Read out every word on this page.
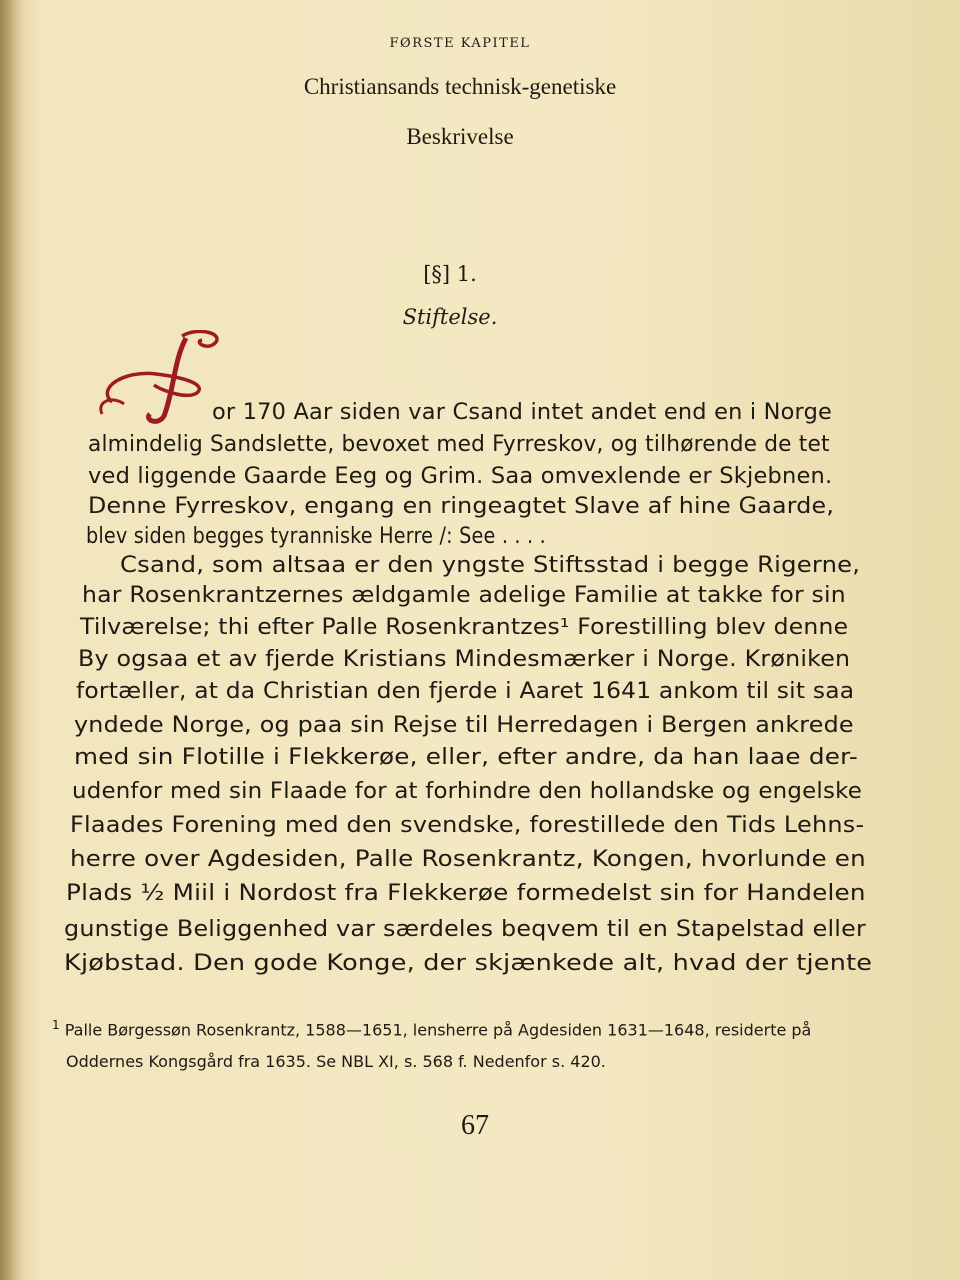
FØRSTE KAPITEL
Christiansands technisk-genetiske
Beskrivelse
[§] 1.
Stiftelse.
or 170 Aar siden var Csand intet andet end en i Norge
almindelig Sandslette, bevoxet med Fyrreskov, og tilhørende de tet
ved liggende Gaarde Eeg og Grim. Saa omvexlende er Skjebnen.
Denne Fyrreskov, engang en ringeagtet Slave af hine Gaarde,
blev siden begges tyranniske Herre /: See . . . .
Csand, som altsaa er den yngste Stiftsstad i begge Rigerne,
har Rosenkrantzernes ældgamle adelige Familie at takke for sin
Tilværelse; thi efter Palle Rosenkrantzes¹ Forestilling blev denne
By ogsaa et av fjerde Kristians Mindesmærker i Norge. Krøniken
fortæller, at da Christian den fjerde i Aaret 1641 ankom til sit saa
yndede Norge, og paa sin Rejse til Herredagen i Bergen ankrede
med sin Flotille i Flekkerøe, eller, efter andre, da han laae der-
udenfor med sin Flaade for at forhindre den hollandske og engelske
Flaades Forening med den svendske, forestillede den Tids Lehns-
herre over Agdesiden, Palle Rosenkrantz, Kongen, hvorlunde en
Plads ½ Miil i Nordost fra Flekkerøe formedelst sin for Handelen
gunstige Beliggenhed var særdeles beqvem til en Stapelstad eller
Kjøbstad. Den gode Konge, der skjænkede alt, hvad der tjente
$^1$ Palle Børgessøn Rosenkrantz, 1588—1651, lensherre på Agdesiden 1631—1648, residerte på
Oddernes Kongsgård fra 1635. Se NBL XI, s. 568 f. Nedenfor s. 420.
67
